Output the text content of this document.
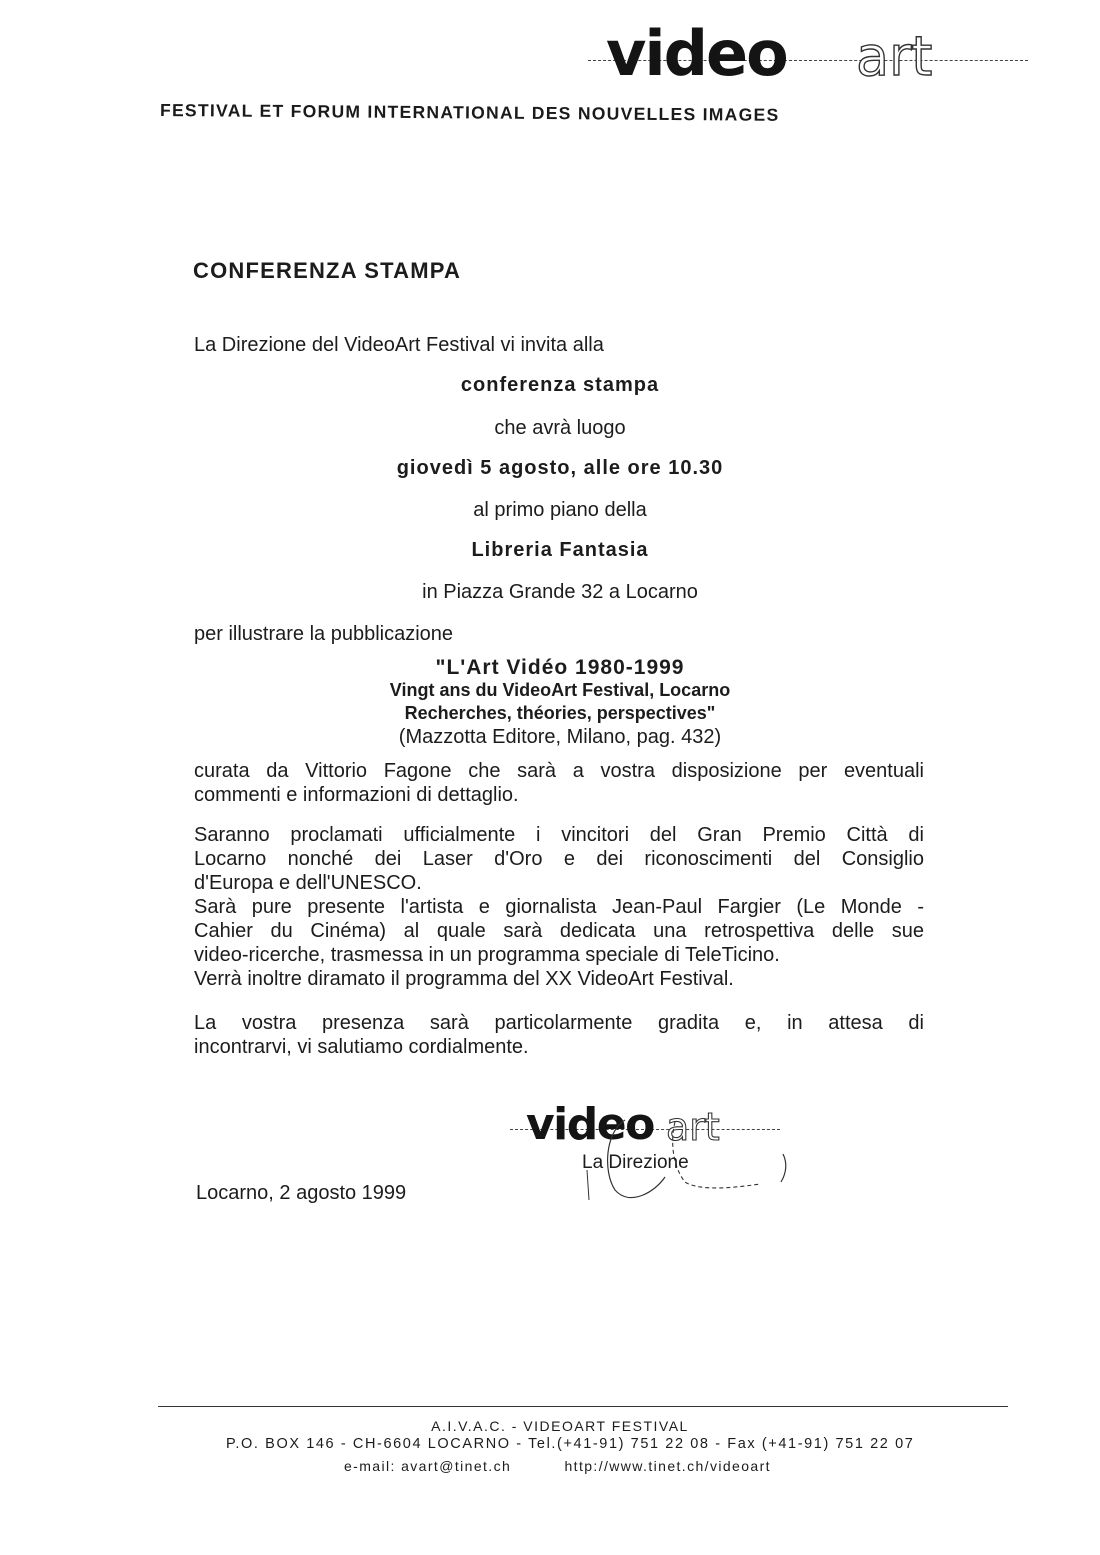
video art
FESTIVAL ET FORUM INTERNATIONAL DES NOUVELLES IMAGES
CONFERENZA STAMPA
La Direzione del VideoArt Festival vi invita alla
conferenza stampa
che avrà luogo
giovedì 5 agosto, alle ore 10.30
al primo piano della
Libreria Fantasia
in Piazza Grande 32 a Locarno
per illustrare la pubblicazione
"L'Art Vidéo 1980-1999
Vingt ans du VideoArt Festival, Locarno
Recherches, théories, perspectives"
(Mazzotta Editore, Milano, pag. 432)
curata da Vittorio Fagone che sarà a vostra disposizione per eventuali
commenti e informazioni di dettaglio.
Saranno proclamati ufficialmente i vincitori del Gran Premio Città di
Locarno nonché dei Laser d'Oro e dei riconoscimenti del Consiglio
d'Europa e dell'UNESCO.
Sarà pure presente l'artista e giornalista Jean-Paul Fargier (Le Monde -
Cahier du Cinéma) al quale sarà dedicata una retrospettiva delle sue
video-ricerche, trasmessa in un programma speciale di TeleTicino.
Verrà inoltre diramato il programma del XX VideoArt Festival.
La vostra presenza sarà particolarmente gradita e, in attesa di
incontrarvi, vi salutiamo cordialmente.
video art
La Direzione
Locarno, 2 agosto 1999
A.I.V.A.C. - VIDEOART FESTIVAL
P.O. BOX 146 - CH-6604 LOCARNO - Tel.(+41-91) 751 22 08 - Fax (+41-91) 751 22 07
e-mail: avart@tinet.ch	http://www.tinet.ch/videoart
